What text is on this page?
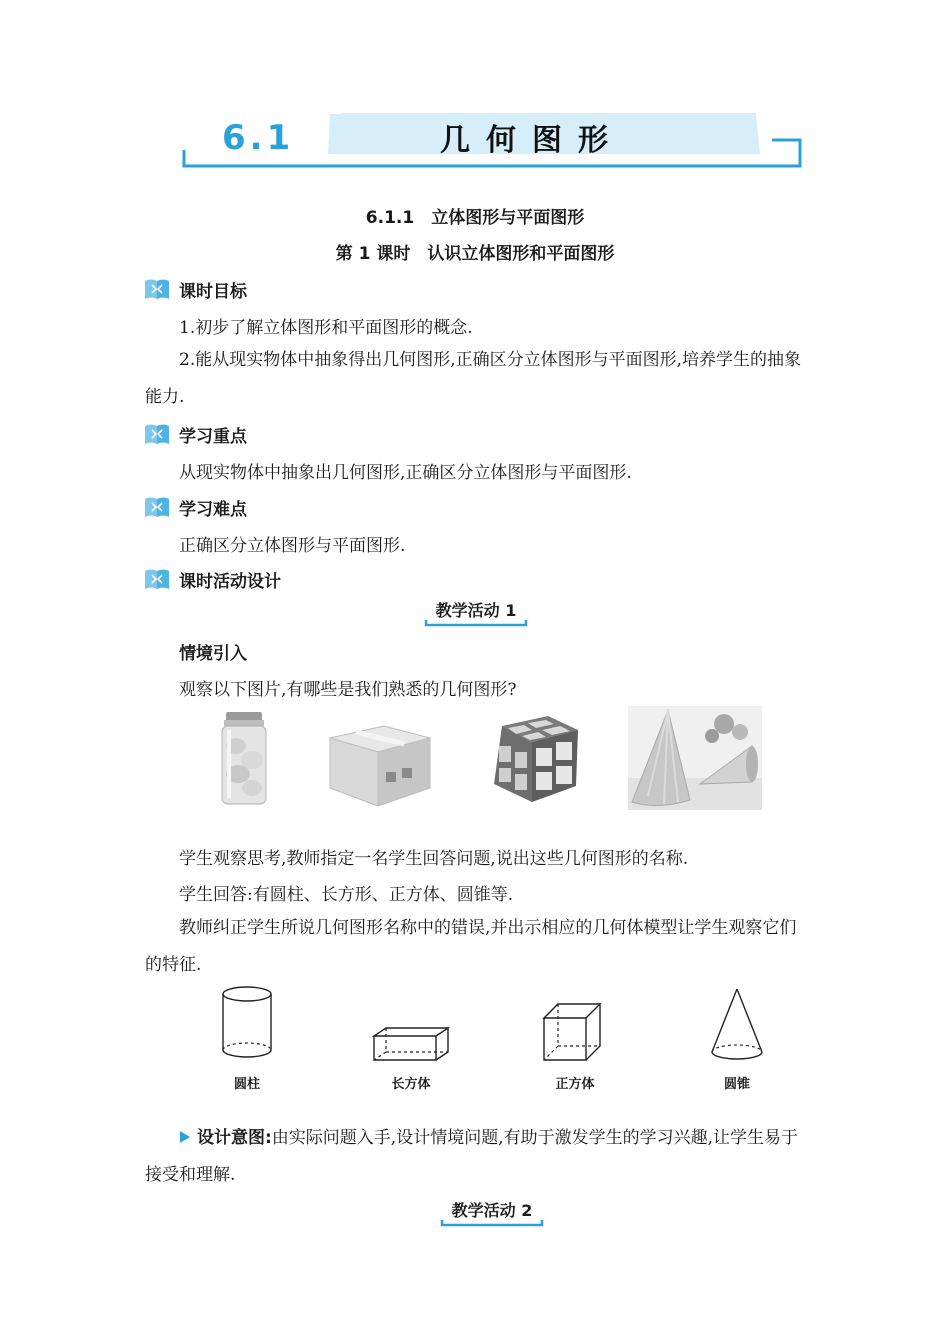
6.1	几何图形
6.1.1　立体图形与平面图形
第 1 课时　认识立体图形和平面图形
课时目标
1.初步了解立体图形和平面图形的概念.

2.能从现实物体中抽象得出几何图形,正确区分立体图形与平面图形,培养学生的抽象能力.

学习重点
从现实物体中抽象出几何图形,正确区分立体图形与平面图形.
学习难点
正确区分立体图形与平面图形.
课时活动设计
教学活动 1
情境引入
观察以下图片,有哪些是我们熟悉的几何图形?
学生观察思考,教师指定一名学生回答问题,说出这些几何图形的名称.
学生回答:有圆柱、长方形、正方体、圆锥等.

教师纠正学生所说几何图形名称中的错误,并出示相应的几何体模型让学生观察它们的特征.

圆柱	长方体	正方体	圆锥
设计意图:由实际问题入手,设计情境问题,有助于激发学生的学习兴趣,让学生易于接受和理解.
教学活动 2
